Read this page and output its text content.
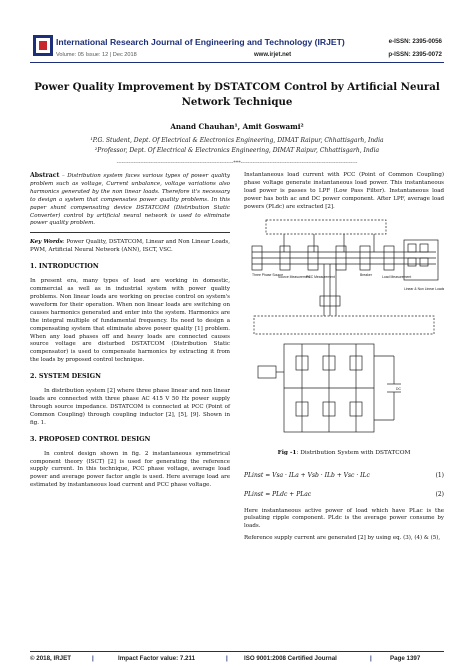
International Research Journal of Engineering and Technology (IRJET)
Volume: 05 Issue: 12 | Dec 2018	www.irjet.net
e-ISSN: 2395-0056
p-ISSN: 2395-0072
Power Quality Improvement by DSTATCOM Control by Artificial Neural
Network Technique
Anand Chauhan¹, Amit Goswami²
¹P.G. Student, Dept. Of Electrical & Electronics Engineering, DIMAT Raipur, Chhattisgarh, India
²Professor, Dept. Of Electrical & Electronics Engineering, DIMAT Raipur, Chhattisgarh, India
---------------------------------------------------------------------***---------------------------------------------------------------------

Abstract – Distribution system faces various types of power quality problem such as voltage, Current unbalance, voltage variations also harmonics generated by the non linear loads. Therefore it's necessary to design a system that compensates power quality problems. In this paper shunt compensating device DSTATCOM (Distribution Static Converter) control by artificial neural network is used to eliminate power quality problem.

Key Words: Power Quality, DSTATCOM, Linear and Non Linear Loads, PWM, Artificial Neural Network (ANN), ISCT, VSC.

1. INTRODUCTION

In present era, many types of load are working in domestic, commercial as well as in industrial system with power quality problems. Non linear loads are working on precise control on system's waveform for their operation. When non linear loads are switching on causes harmonics generated and enter into the system. Harmonics are the integral multiple of fundamental frequency. Its need to design a compensating system that eliminate above power quality [1] problem. When any load phases off and heavy loads are connected causes source voltage are disturbed DSTATCOM (Distribution Static compensator) is used to compensate harmonics by extracting it from the loads by proposed control technique.

2. SYSTEM DESIGN

In distribution system [2] where three phase linear and non linear loads are connected with three phase AC 415 V 50 Hz power supply through source impedance. DSTATCOM is connected at PCC (Point of Common Coupling) through coupling inductor [2], [5], [9]. Shown in fig. 1.

3. PROPOSED CONTROL DESIGN

In control design shown in fig. 2 instantaneous symmetrical component theory (ISCT) [2] is used for generating the reference supply current. In this technique, PCC phase voltage, average load power and average power factor angle is used. Here average load are estimated by instantaneous load current and PCC phase voltage.

Instantaneous load current with PCC (Point of Common Coupling) phase voltage generate instantaneous load power. This instantaneous load power is passes to LPF (Low Pass Filter). Instantaneous load power has both ac and DC power component. After LPF, average load powers (PLdc) are extracted [2].

Three Phase Source
Source Measurement
PCC Measurement	Breaker	Load Measurement
Linear & Non Linear Loads
DC
Fig -1: Distribution System with DSTATCOM
PLinst = Vsa · ILa + Vsb · ILb + Vsc · ILc	(1)
PLinst = PLdc + PLac	(2)

Here instantaneous active power of load which have PLac is the pulsating ripple component. PLdc is the average power consume by loads.

Reference supply current are generated [2] by using eq. (3), (4) & (5),

© 2018, IRJET	|	Impact Factor value: 7.211	|	ISO 9001:2008 Certified Journal	|	Page 1397
